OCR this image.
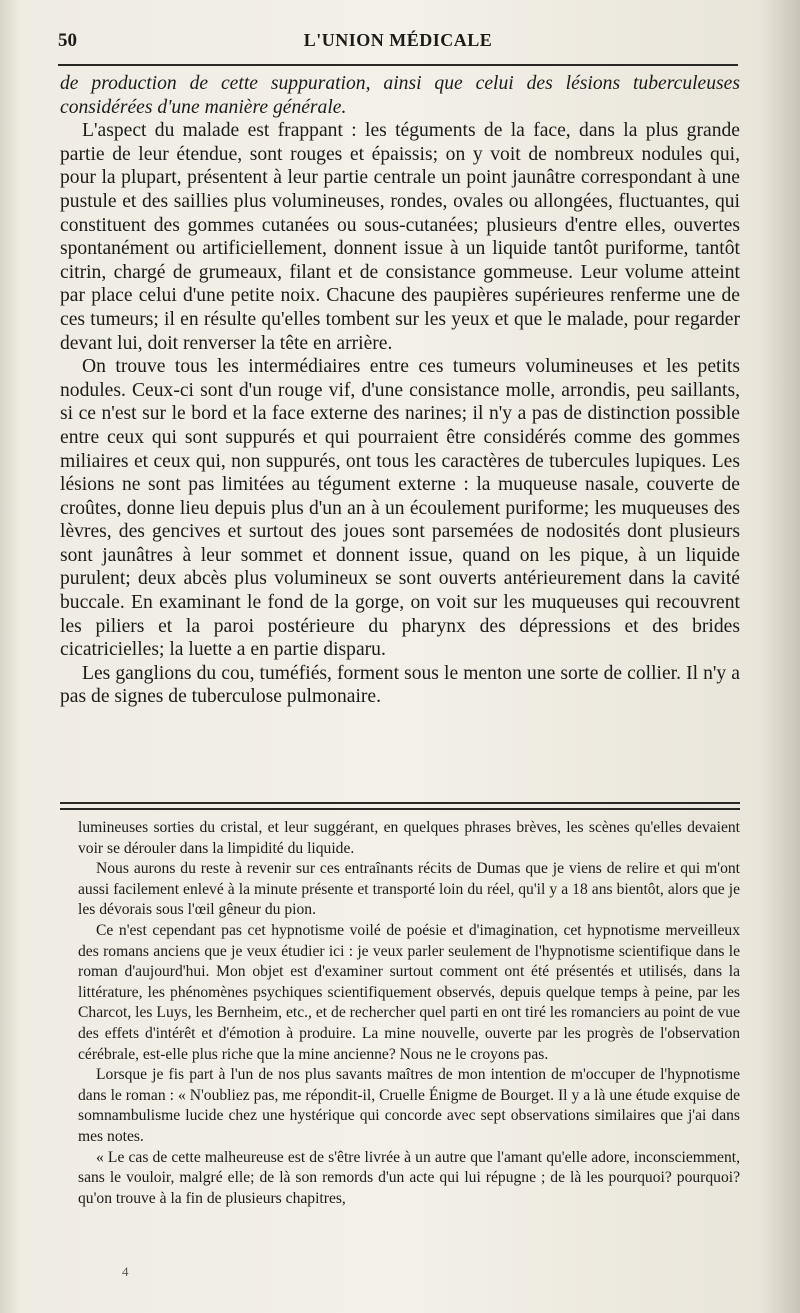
50	L'UNION MÉDICALE

de production de cette suppuration, ainsi que celui des lésions tuberculeuses considérées d'une manière générale.

L'aspect du malade est frappant : les téguments de la face, dans la plus grande partie de leur étendue, sont rouges et épaissis; on y voit de nombreux nodules qui, pour la plupart, présentent à leur partie centrale un point jaunâtre correspondant à une pustule et des saillies plus volumineuses, rondes, ovales ou allongées, fluctuantes, qui constituent des gommes cutanées ou sous-cutanées; plusieurs d'entre elles, ouvertes spontanément ou artificiellement, donnent issue à un liquide tantôt puriforme, tantôt citrin, chargé de grumeaux, filant et de consistance gommeuse. Leur volume atteint par place celui d'une petite noix. Chacune des paupières supérieures renferme une de ces tumeurs; il en résulte qu'elles tombent sur les yeux et que le malade, pour regarder devant lui, doit renverser la tête en arrière.

On trouve tous les intermédiaires entre ces tumeurs volumineuses et les petits nodules. Ceux-ci sont d'un rouge vif, d'une consistance molle, arrondis, peu saillants, si ce n'est sur le bord et la face externe des narines; il n'y a pas de distinction possible entre ceux qui sont suppurés et qui pourraient être considérés comme des gommes miliaires et ceux qui, non suppurés, ont tous les caractères de tubercules lupiques. Les lésions ne sont pas limitées au tégument externe : la muqueuse nasale, couverte de croûtes, donne lieu depuis plus d'un an à un écoulement puriforme; les muqueuses des lèvres, des gencives et surtout des joues sont parsemées de nodosités dont plusieurs sont jaunâtres à leur sommet et donnent issue, quand on les pique, à un liquide purulent; deux abcès plus volumineux se sont ouverts antérieurement dans la cavité buccale. En examinant le fond de la gorge, on voit sur les muqueuses qui recouvrent les piliers et la paroi postérieure du pharynx des dépressions et des brides cicatricielles; la luette a en partie disparu.

Les ganglions du cou, tuméfiés, forment sous le menton une sorte de collier. Il n'y a pas de signes de tuberculose pulmonaire.

lumineuses sorties du cristal, et leur suggérant, en quelques phrases brèves, les scènes qu'elles devaient voir se dérouler dans la limpidité du liquide.

Nous aurons du reste à revenir sur ces entraînants récits de Dumas que je viens de relire et qui m'ont aussi facilement enlevé à la minute présente et transporté loin du réel, qu'il y a 18 ans bientôt, alors que je les dévorais sous l'œil gêneur du pion.

Ce n'est cependant pas cet hypnotisme voilé de poésie et d'imagination, cet hypnotisme merveilleux des romans anciens que je veux étudier ici : je veux parler seulement de l'hypnotisme scientifique dans le roman d'aujourd'hui. Mon objet est d'examiner surtout comment ont été présentés et utilisés, dans la littérature, les phénomènes psychiques scientifiquement observés, depuis quelque temps à peine, par les Charcot, les Luys, les Bernheim, etc., et de rechercher quel parti en ont tiré les romanciers au point de vue des effets d'intérêt et d'émotion à produire. La mine nouvelle, ouverte par les progrès de l'observation cérébrale, est-elle plus riche que la mine ancienne? Nous ne le croyons pas.

Lorsque je fis part à l'un de nos plus savants maîtres de mon intention de m'occuper de l'hypnotisme dans le roman : « N'oubliez pas, me répondit-il, Cruelle Énigme de Bourget. Il y a là une étude exquise de somnambulisme lucide chez une hystérique qui concorde avec sept observations similaires que j'ai dans mes notes.

« Le cas de cette malheureuse est de s'être livrée à un autre que l'amant qu'elle adore, inconsciemment, sans le vouloir, malgré elle; de là son remords d'un acte qui lui répugne ; de là les pourquoi? pourquoi? qu'on trouve à la fin de plusieurs chapitres,

4
